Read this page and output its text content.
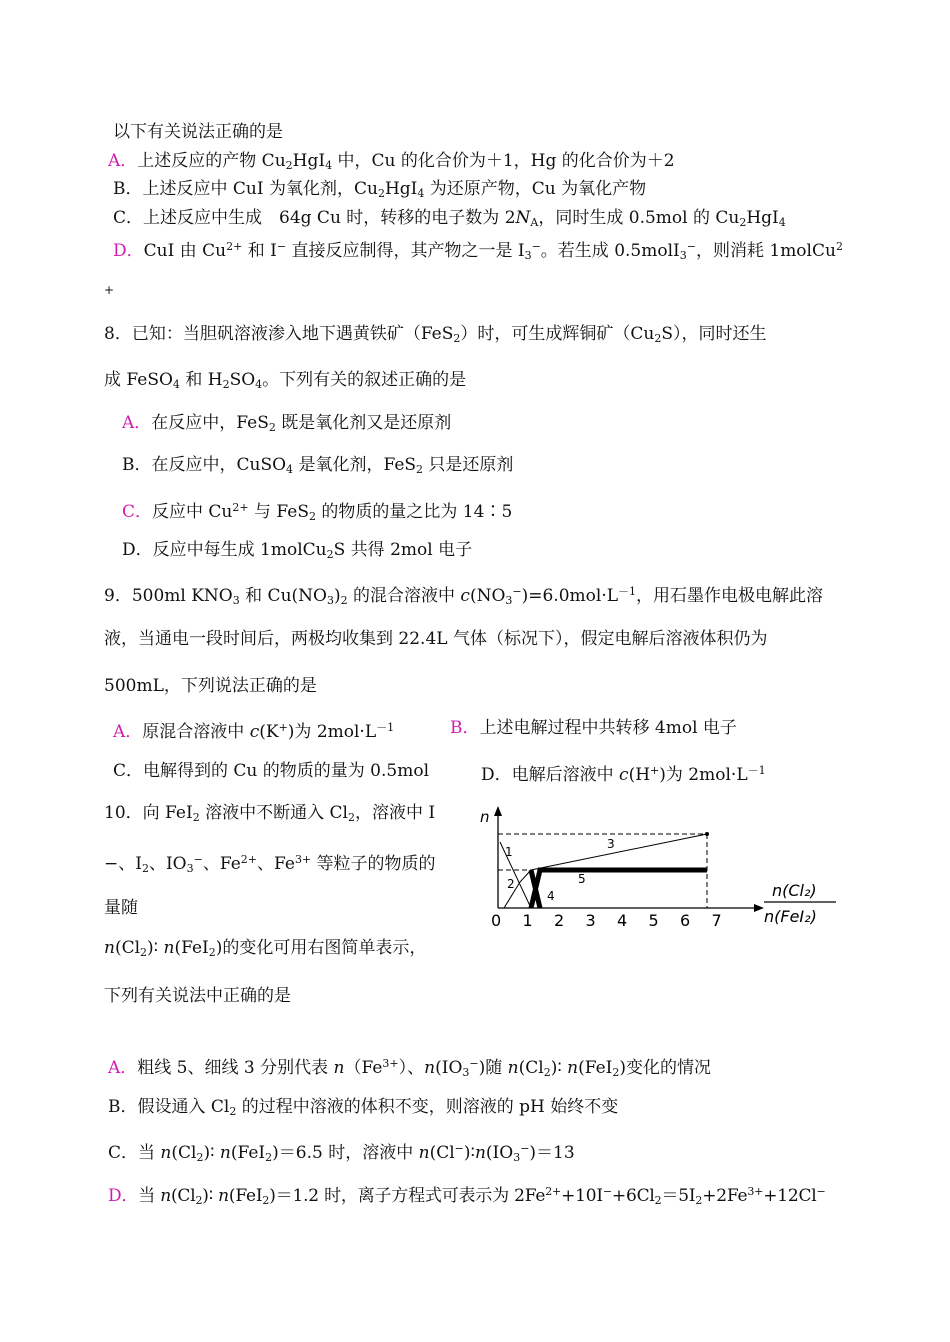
以下有关说法正确的是
A．上述反应的产物 $Cu_2HgI_4$ 中，Cu 的化合价为＋1，Hg 的化合价为＋2
B．上述反应中 CuI 为氧化剂，$Cu_2HgI_4$ 为还原产物，Cu 为氧化产物
C．上述反应中生成　64g Cu 时，转移的电子数为 $2N_A$，同时生成 0.5mol 的 $Cu_2HgI_4$
D．CuI 由 $Cu^{2+}$ 和 I− 直接反应制得，其产物之一是 $I_3^-$。若生成 0.5molI$_3$−，则消耗 1molCu$^2$
+
8．已知：当胆矾溶液渗入地下遇黄铁矿（FeS$_2$）时，可生成辉铜矿$(Cu_2S)$，同时还生
成 FeSO$_4$ 和 $H_2SO_4$。下列有关的叙述正确的是
A．在反应中，FeS$_2$ 既是氧化剂又是还原剂
B．在反应中，CuSO$_4$ 是氧化剂，FeS$_2$ 只是还原剂
C．反应中 $Cu^{2+}$ 与 FeS$_2$ 的物质的量之比为 14∶5
D．反应中每生成 1molCu$_2$S 共得 2mol 电子
9．500ml $KNO_3$ 和 $Cu(NO_3)_2$ 的混合溶液中 $c(NO_3^-)=6.0mol\cdot L^{-1}$，用石墨作电极电解此溶
液，当通电一段时间后，两极均收集到 22.4L 气体（标况下），假定电解后溶液体积仍为
500mL，下列说法正确的是
A．原混合溶液中 c(K+)为 $2mol\cdot L^{-1}$	B．上述电解过程中共转移 4mol 电子
C．电解得到的 Cu 的物质的量为 0.5mol	D．电解后溶液中 c(H+)为 $2mol\cdot L^{-1}$
10．向 FeI$_2$ 溶液中不断通入 $Cl_2$，溶液中 I
−、$I_2$、$IO_3^-$、$Fe^{2+}$、$Fe^{3+}$ 等粒子的物质的
量随
$n(Cl_2)∶$ n(FeI$_2$)的变化可用右图简单表示，
下列有关说法中正确的是
n
1
2
3
4
5
0 1 2 3 4 5 6 7
n(Cl₂)
n(FeI₂)
A．粗线 5、细线 3 分别代表 $n(Fe^{3+})$、$n(IO_3^-)$随 $n(Cl_2)∶$ n(FeI$_2$)变化的情况
B．假设通入 $Cl_2$ 的过程中溶液的体积不变，则溶液的 pH 始终不变
C．当 $n(Cl_2)∶$ n(FeI$_2$)＝6.5 时，溶液中 $n(Cl^-)∶n(IO_3^-)=13$
D．当 $n(Cl_2)∶$ n(FeI$_2$)＝1.2 时，离子方程式可表示为 $2Fe^{2+}+10I^-+6Cl_2=5I_2+2Fe^{3+}+12Cl^-$
